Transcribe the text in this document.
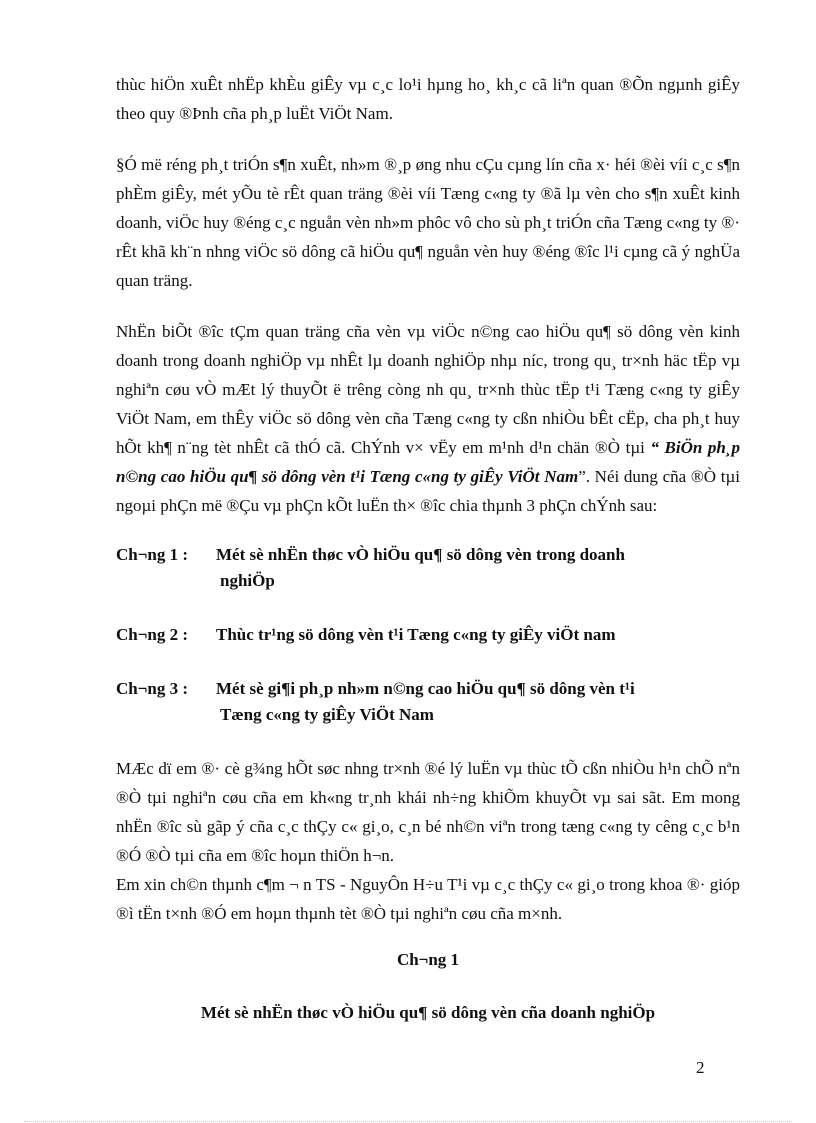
thùc hiÖn xuÊt nhËp khÈu giÊy vµ c¸c lo¹i hµng ho¸ kh¸c cã liªn quan ®Õn ngµnh giÊy theo quy ®Þnh cña ph¸p luËt ViÖt Nam.

§Ó më réng ph¸t triÓn s¶n xuÊt, nh»m ®¸p øng nhu cÇu cµng lín cña x· héi ®èi víi c¸c s¶n phÈm giÊy, mét yÕu tè rÊt quan träng ®èi víi Tæng c«ng ty ®ã lµ vèn cho s¶n xuÊt kinh doanh, viÖc huy ®éng c¸c nguån vèn nh»m phôc vô cho sù ph¸t triÓn cña Tæng c«ng ty ®· rÊt khã kh¨n nhng viÖc sö dông cã hiÖu qu¶ nguån vèn huy ®éng ®îc l¹i cµng cã ý nghÜa quan träng.

NhËn biÕt ®îc tÇm quan träng cña vèn vµ viÖc n©ng cao hiÖu qu¶ sö dông vèn kinh doanh trong doanh nghiÖp vµ nhÊt lµ doanh nghiÖp nhµ níc, trong qu¸ tr×nh häc tËp vµ nghiªn cøu vÒ mÆt lý thuyÕt ë trêng còng nh qu¸ tr×nh thùc tËp t¹i Tæng c«ng ty giÊy ViÖt Nam, em thÊy viÖc sö dông vèn cña Tæng c«ng ty cßn nhiÒu bÊt cËp, cha ph¸t huy hÕt kh¶ n¨ng tèt nhÊt cã thÓ cã. ChÝnh v× vËy em m¹nh d¹n chän ®Ò tµi “ BiÖn ph¸p n©ng cao hiÖu qu¶ sö dông vèn t¹i Tæng c«ng ty giÊy ViÖt Nam”. Néi dung cña ®Ò tµi ngoµi phÇn më ®Çu vµ phÇn kÕt luËn th× ®îc chia thµnh 3 phÇn chÝnh sau:

Ch¬ng 1 :	Mét sè nhËn thøc vÒ hiÖu qu¶ sö dông vèn trong doanh
nghiÖp
Ch¬ng 2 :	Thùc tr¹ng sö dông vèn t¹i Tæng c«ng ty giÊy viÖt nam
Ch¬ng 3 :	Mét sè gi¶i ph¸p nh»m n©ng cao hiÖu qu¶ sö dông vèn t¹i
Tæng c«ng ty giÊy ViÖt Nam

MÆc dï em ®· cè g¾ng hÕt søc nhng tr×nh ®é lý luËn vµ thùc tÕ cßn nhiÒu h¹n chÕ nªn ®Ò tµi nghiªn cøu cña em kh«ng tr¸nh khái nh÷ng khiÕm khuyÕt vµ sai sãt. Em mong nhËn ®îc sù gãp ý cña c¸c thÇy c« gi¸o, c¸n bé nh©n viªn trong tæng c«ng ty cêng c¸c b¹n ®Ó ®Ò tµi cña em ®îc hoµn thiÖn h¬n.

Em xin ch©n thµnh c¶m ¬ n TS - NguyÔn H÷u T¹i vµ c¸c thÇy c« gi¸o trong khoa ®· gióp ®ì tËn t×nh ®Ó em hoµn thµnh tèt ®Ò tµi nghiªn cøu cña m×nh.

Ch¬ng 1
Mét sè nhËn thøc vÒ hiÖu qu¶ sö dông vèn cña doanh nghiÖp
2
